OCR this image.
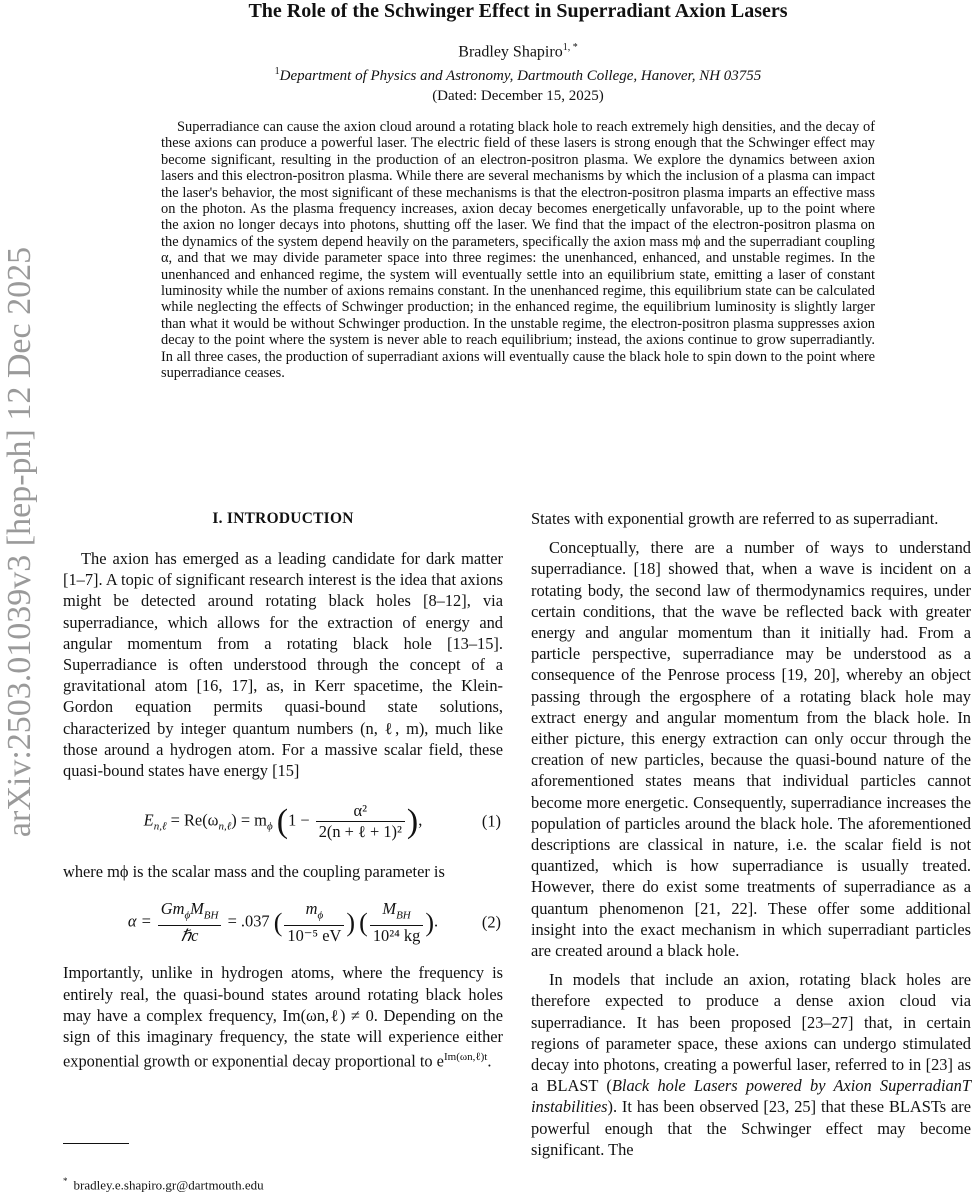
arXiv:2503.01039v3 [hep-ph] 12 Dec 2025
The Role of the Schwinger Effect in Superradiant Axion Lasers
Bradley Shapiro$^{1, *}$
$^1$Department of Physics and Astronomy, Dartmouth College, Hanover, NH 03755
(Dated: December 15, 2025)
Superradiance can cause the axion cloud around a rotating black hole to reach extremely high densities, and the decay of these axions can produce a powerful laser. The electric field of these lasers is strong enough that the Schwinger effect may become significant, resulting in the production of an electron-positron plasma. We explore the dynamics between axion lasers and this electron-positron plasma. While there are several mechanisms by which the inclusion of a plasma can impact the laser's behavior, the most significant of these mechanisms is that the electron-positron plasma imparts an effective mass on the photon. As the plasma frequency increases, axion decay becomes energetically unfavorable, up to the point where the axion no longer decays into photons, shutting off the laser. We find that the impact of the electron-positron plasma on the dynamics of the system depend heavily on the parameters, specifically the axion mass mϕ and the superradiant coupling α, and that we may divide parameter space into three regimes: the unenhanced, enhanced, and unstable regimes. In the unenhanced and enhanced regime, the system will eventually settle into an equilibrium state, emitting a laser of constant luminosity while the number of axions remains constant. In the unenhanced regime, this equilibrium state can be calculated while neglecting the effects of Schwinger production; in the enhanced regime, the equilibrium luminosity is slightly larger than what it would be without Schwinger production. In the unstable regime, the electron-positron plasma suppresses axion decay to the point where the system is never able to reach equilibrium; instead, the axions continue to grow superradiantly. In all three cases, the production of superradiant axions will eventually cause the black hole to spin down to the point where superradiance ceases.
I. INTRODUCTION

The axion has emerged as a leading candidate for dark matter [1–7]. A topic of significant research interest is the idea that axions might be detected around rotating black holes [8–12], via superradiance, which allows for the extraction of energy and angular momentum from a rotating black hole [13–15]. Superradiance is often understood through the concept of a gravitational atom [16, 17], as, in Kerr spacetime, the Klein-Gordon equation permits quasi-bound state solutions, characterized by integer quantum numbers (n, ℓ, m), much like those around a hydrogen atom. For a massive scalar field, these quasi-bound states have energy [15]

$E_{n,\ell} = Re(\omega_{n,\ell}) = m_\phi$ ($1 - \frac{\text{α²}}{\text{2(n + ℓ + 1)²}}$ ),	(1)

where mϕ is the scalar mass and the coupling parameter is

$\alpha = \frac{Gm_\phi M_{BH}}{\text{ℏc}} = .037$ ( $\frac{m_\phi}{\text{10⁻⁵ eV}}$ ) ( $\frac{M_{BH}}{\text{10²⁴ kg}}$ ).	(2)

Importantly, unlike in hydrogen atoms, where the frequency is entirely real, the quasi-bound states around rotating black holes may have a complex frequency, Im(ωn,ℓ) ≠ 0. Depending on the sign of this imaginary frequency, the state will experience either exponential growth or exponential decay proportional to $e^{Im(\omega n,\ell)t}$.

* bradley.e.shapiro.gr@dartmouth.edu

States with exponential growth are referred to as superradiant.

Conceptually, there are a number of ways to understand superradiance. [18] showed that, when a wave is incident on a rotating body, the second law of thermodynamics requires, under certain conditions, that the wave be reflected back with greater energy and angular momentum than it initially had. From a particle perspective, superradiance may be understood as a consequence of the Penrose process [19, 20], whereby an object passing through the ergosphere of a rotating black hole may extract energy and angular momentum from the black hole. In either picture, this energy extraction can only occur through the creation of new particles, because the quasi-bound nature of the aforementioned states means that individual particles cannot become more energetic. Consequently, superradiance increases the population of particles around the black hole. The aforementioned descriptions are classical in nature, i.e. the scalar field is not quantized, which is how superradiance is usually treated. However, there do exist some treatments of superradiance as a quantum phenomenon [21, 22]. These offer some additional insight into the exact mechanism in which superradiant particles are created around a black hole.

In models that include an axion, rotating black holes are therefore expected to produce a dense axion cloud via superradiance. It has been proposed [23–27] that, in certain regions of parameter space, these axions can undergo stimulated decay into photons, creating a powerful laser, referred to in [23] as a BLAST (Black hole Lasers powered by Axion SuperradianT instabilities). It has been observed [23, 25] that these BLASTs are powerful enough that the Schwinger effect may become significant. The
